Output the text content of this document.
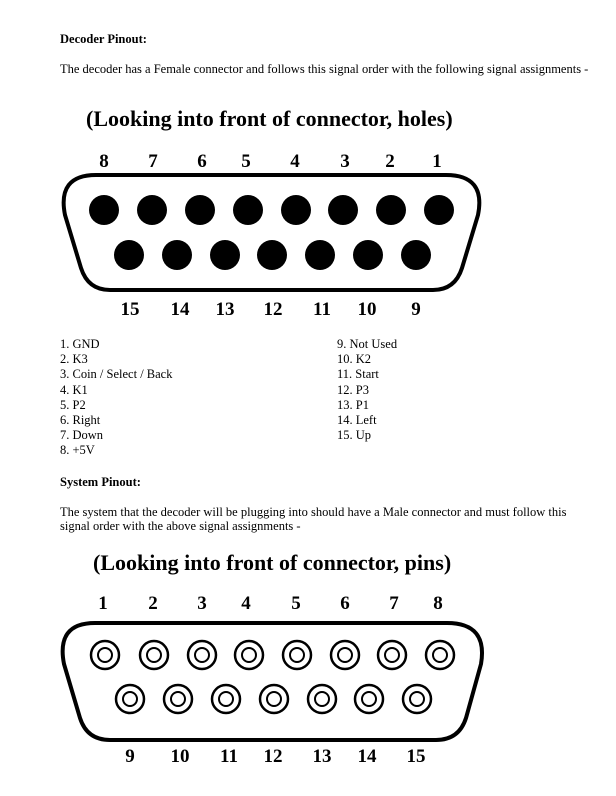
Decoder Pinout:
The decoder has a Female connector and follows this signal order with the following signal assignments -
(Looking into front of connector, holes)
8 7 6 5 4 3 2 1
15 14 13 12 11 10 9
1. GND
2. K3
3. Coin / Select / Back
4. K1
5. P2
6. Right
7. Down
8. +5V
9. Not Used
10. K2
11. Start
12. P3
13. P1
14. Left
15. Up
System Pinout:
The system that the decoder will be plugging into should have a Male connector and must follow this signal order with the above signal assignments -
(Looking into front of connector, pins)
1 2 3 4 5 6 7 8
9 10 11 12 13 14 15
